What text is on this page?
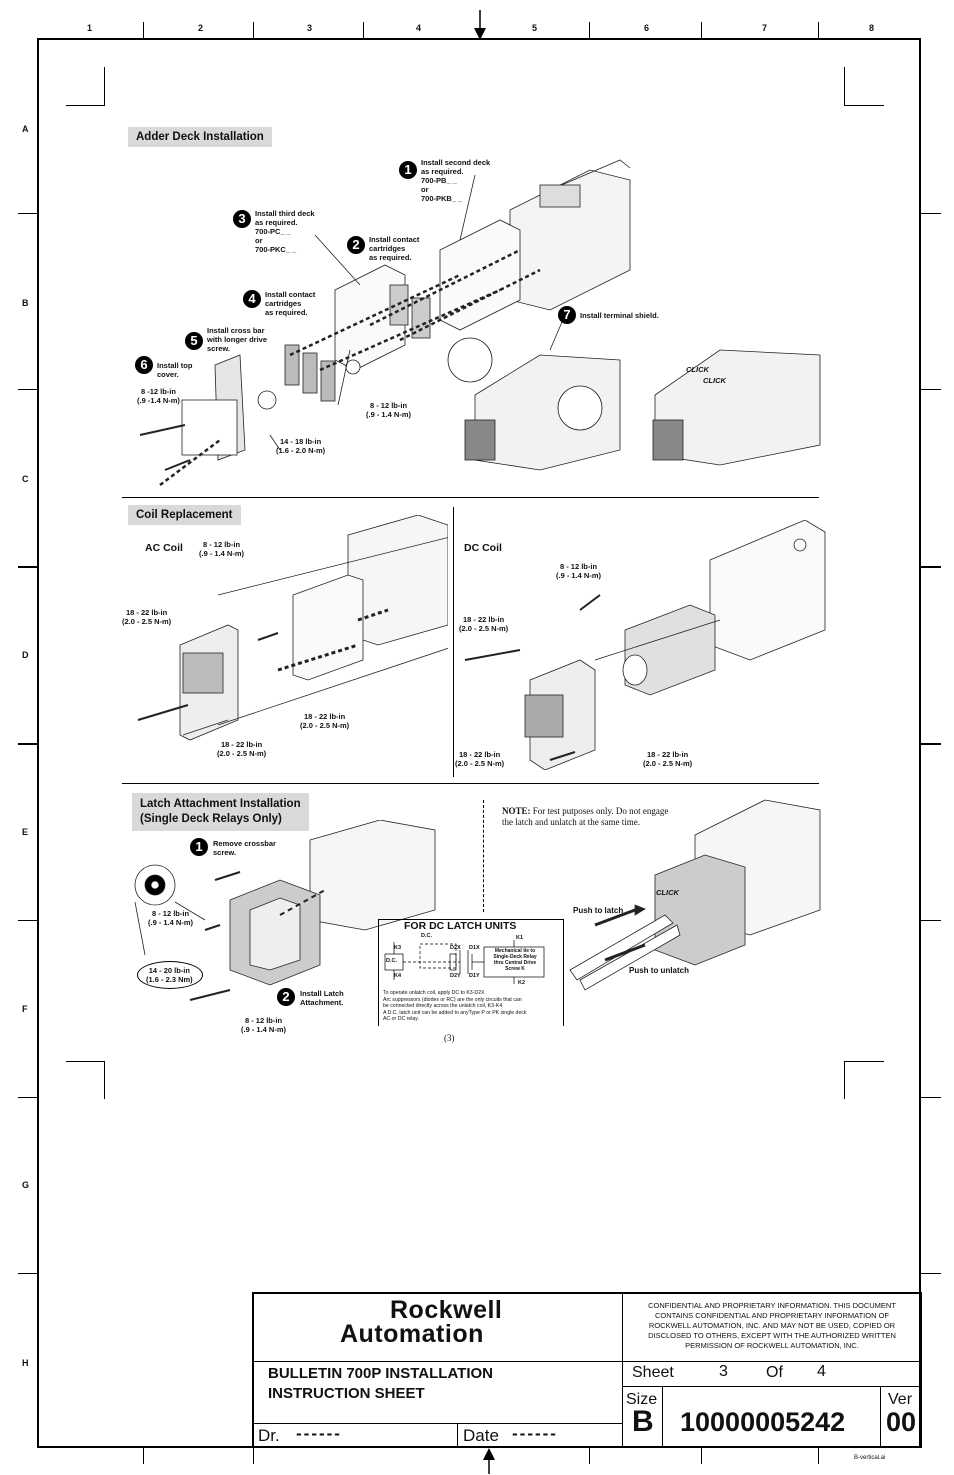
1	2	3	4	5	6	7	8
A
B
C
D
E
F
G
H
Adder Deck Installation
1	Install second deck
as required.
700-PB_ _
or
700-PKB_ _
3	Install third deck
as required.
700-PC_ _
or
700-PKC_ _	2	Install contact
cartridges
as required.
4	Install contact
cartridges
as required.
5
Install cross bar
with longer drive
screw.
6	Install top
cover.
7	Install terminal shield.
8 -12 lb-in
(.9 -1.4 N-m)
8 - 12 lb-in
(.9 - 1.4 N-m)
14 - 18 lb-in
(1.6 - 2.0 N-m)
CLICK
CLICK
Coil Replacement
AC Coil	DC Coil
8 - 12 lb-in
(.9 - 1.4 N-m)
18 - 22 lb-in
(2.0 - 2.5 N-m)
18 - 22 lb-in
(2.0 - 2.5 N-m)
18 - 22 lb-in
(2.0 - 2.5 N-m)
8 - 12 lb-in
(.9 - 1.4 N-m)
18 - 22 lb-in
(2.0 - 2.5 N-m)
18 - 22 lb-in
(2.0 - 2.5 N-m)
18 - 22 lb-in
(2.0 - 2.5 N-m)
Latch Attachment Installation
(Single Deck Relays Only)
1	Remove crossbar
screw.
2	Install Latch
Attachment.
8 - 12 lb-in
(.9 - 1.4 N-m)
14 - 20 lb-in
(1.6 - 2.3 Nm)
8 - 12 lb-in
(.9 - 1.4 N-m)
NOTE: For test putposes only. Do not engage
the latch and unlatch at the same time.
FOR DC LATCH UNITS
K3
K4
D.C.
D.C.
D2X
D2Y
D1X
D1Y
K1
K2
Mechanical tie to
Single-Deck Relay
thru Central Drive
Screw K
To operate unlatch coil, apply DC to K3-D2X
Arc suppressors (diodes or RC) are the only circuits that can
be connected directly across the unlatch coil, K3-K4
A D.C. latch unit can be added to anyType P or PK single deck
AC or DC relay.
Push to latch
Push to unlatch
CLICK
(3)
Rockwell
Automation
CONFIDENTIAL AND PROPRIETARY INFORMATION. THIS DOCUMENT
CONTAINS CONFIDENTIAL AND PROPRIETARY INFORMATION OF
ROCKWELL AUTOMATION, INC. AND MAY NOT BE USED, COPIED OR
DISCLOSED TO OTHERS, EXCEPT WITH THE AUTHORIZED WRITTEN
PERMISSION OF ROCKWELL AUTOMATION, INC.
BULLETIN 700P INSTALLATION
INSTRUCTION SHEET
Sheet	3 Of 4
Size
B 10000005242
Ver
00
Dr. ------	Date ------
B-vertical.ai
